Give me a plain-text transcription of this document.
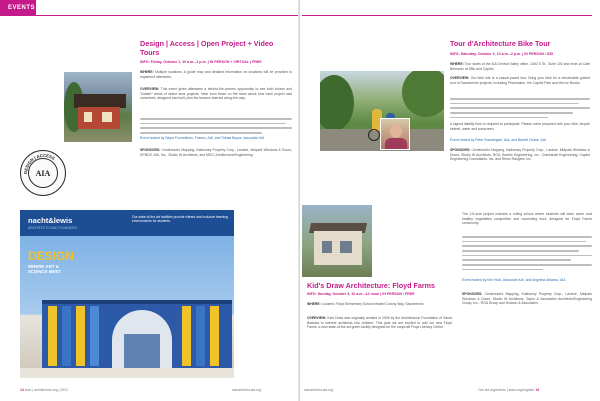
EVENTS
DESIGN | ACCESS
AIA
Design | Access | Open Project + Video Tours
INFO: Friday, October 1, 10 a.m.–1 p.m. | IN PERSON + VIRTUAL | FREE
WHERE: Multiple locations. A guide map and detailed information on locations will be provided to registered attendees.
OVERVIEW: This event gives attendees a behind-the-scenes opportunity to see both known and "hidden" areas of select area projects. Hear from those on the team about how each project was conceived, designed and built, plus the lessons learned along the way.
Event hosted by Sayre Formeliento, Fossec, AIA, and Tobias Boyce, Associate AIA
SPONSORS: Centennial's Mapping, Kalkomey Property Corp., Laraine, Midpark Windows & Doors, DPNDS, AIA, Inc., Studio W Architects, and MICC Architecture/Engineering
nacht&lewis
ARCHITECTS AND PLANNERS
Our state-of-the-art facilities provide vibrant and inclusive learning environments for students.
DESIGN
WHERE ART & SCIENCE MEET
14 arch | architecture.org | 2021	sacramento.aia.org
Tour d'Architecture Bike Tour
INFO: Saturday, October 2, 10 a.m.–2 p.m. | IN PERSON / $35
WHERE: Tour starts at the AIA Central Valley office, 1400 S St., Suite 100 and ends at Café Bernardo at 28th and Capitol.
OVERVIEW: Our bike ride is a casual-paced tour. Bring your bike for a remarkable guided tour of Sacramento projects, including Pharmakon, the Capitol Park and the Ice Blocks.
A signed liability form is required to participate. Please come prepared with your bike, bicycle helmet, water and sunscreen.
Event hosted by Peter Swearingen, AIA, and Barrett Chase, AIA
SPONSORS: Centennial's Mapping, Kalkomey Property Corp., Laraine, Midpark Windows & Doors, Studio W Architects, ROA, Bonfire Engineering, Inc., Crankshaft Engineering, Capitol Engineering Consultants, Inc. and Rhino Rangers, Inc.
Kid's Draw Architecture: Floyd Farms
INFO: Sunday, October 3, 10 a.m.–12 noon | IN PERSON / FREE
WHERE: Located: Floyd Elementary School related Colony Way, Sacramento
OVERVIEW: Kids Draw was originally created in 2006 by the Architectural Foundation of Santa Barbara to interest architects into children. This year we are excited to add our new Floyd Farms, a new state-of-the-art green facility designed for the nonprofit Floyd Literacy Center.
The 2.5-acre project includes a rolling school where students will learn some cost healthy vegetables competitive and nourishing food, designed for Floyd Farms community.
Event hosted by Kim Hunt, Associate AIA, and Angelina Albarico, AIA
SPONSORS: Centennial's Mapping, Kalkomey Property Corp., Laraine, Midpark Windows & Doors, Studio W Architects, Taylor & Associates Architects/Engineering Group, Inc., ROA Group and Hudson & Associates
sacramento.aia.org	Our aia.org/events | aiacv.org/register 15
